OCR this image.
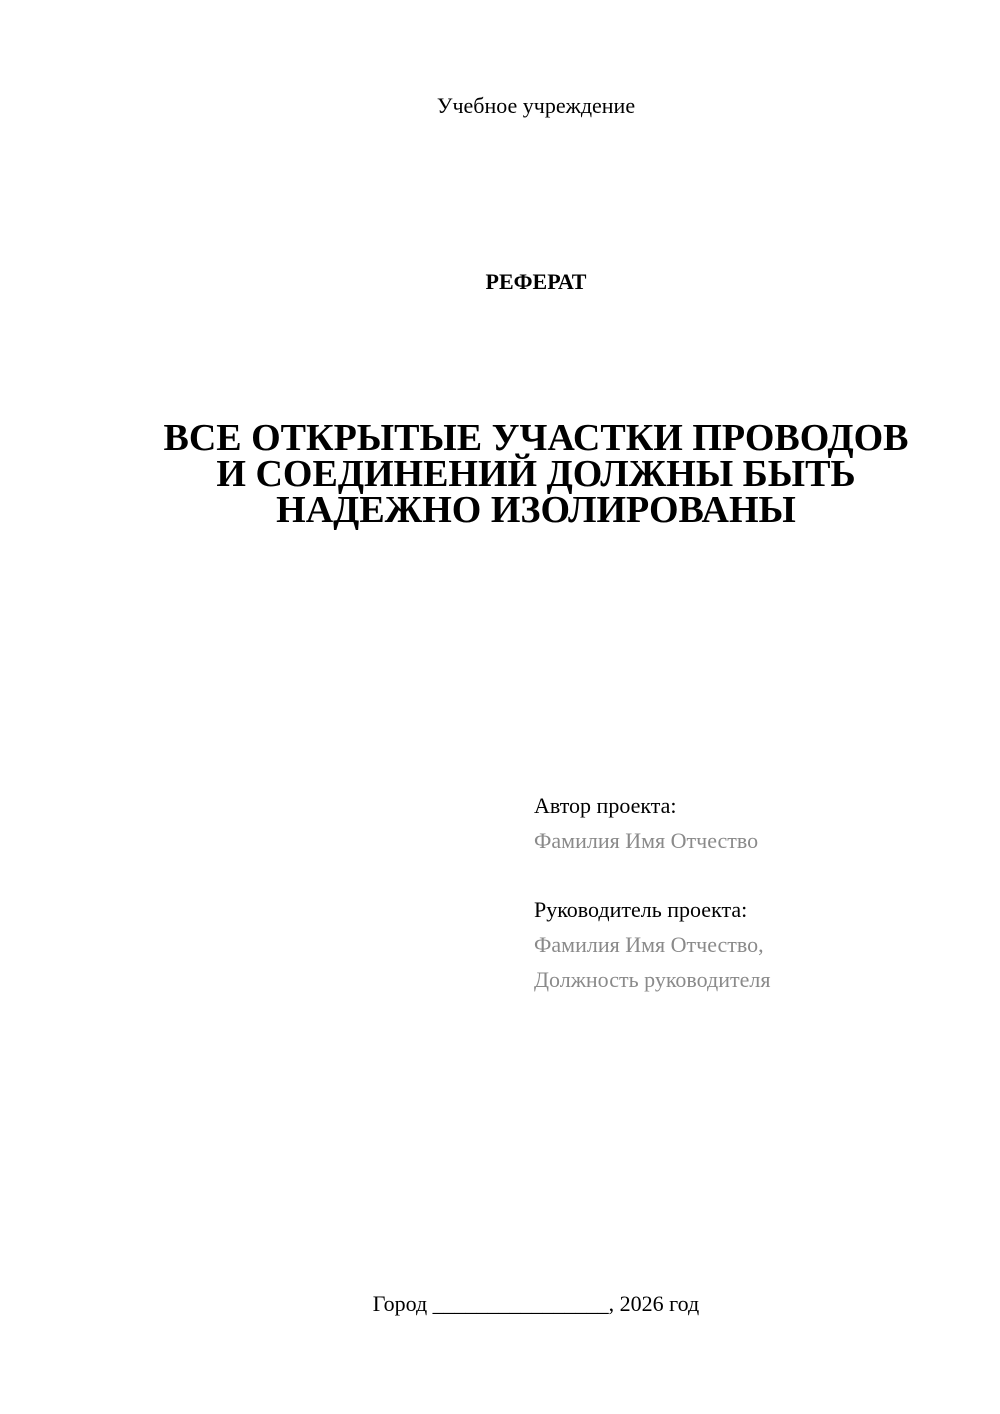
Учебное учреждение
РЕФЕРАТ
ВСЕ ОТКРЫТЫЕ УЧАСТКИ ПРОВОДОВ
И СОЕДИНЕНИЙ ДОЛЖНЫ БЫТЬ
НАДЕЖНО ИЗОЛИРОВАНЫ
Автор проекта:
Фамилия Имя Отчество
Руководитель проекта:
Фамилия Имя Отчество,
Должность руководителя
Город ________________, 2026 год
